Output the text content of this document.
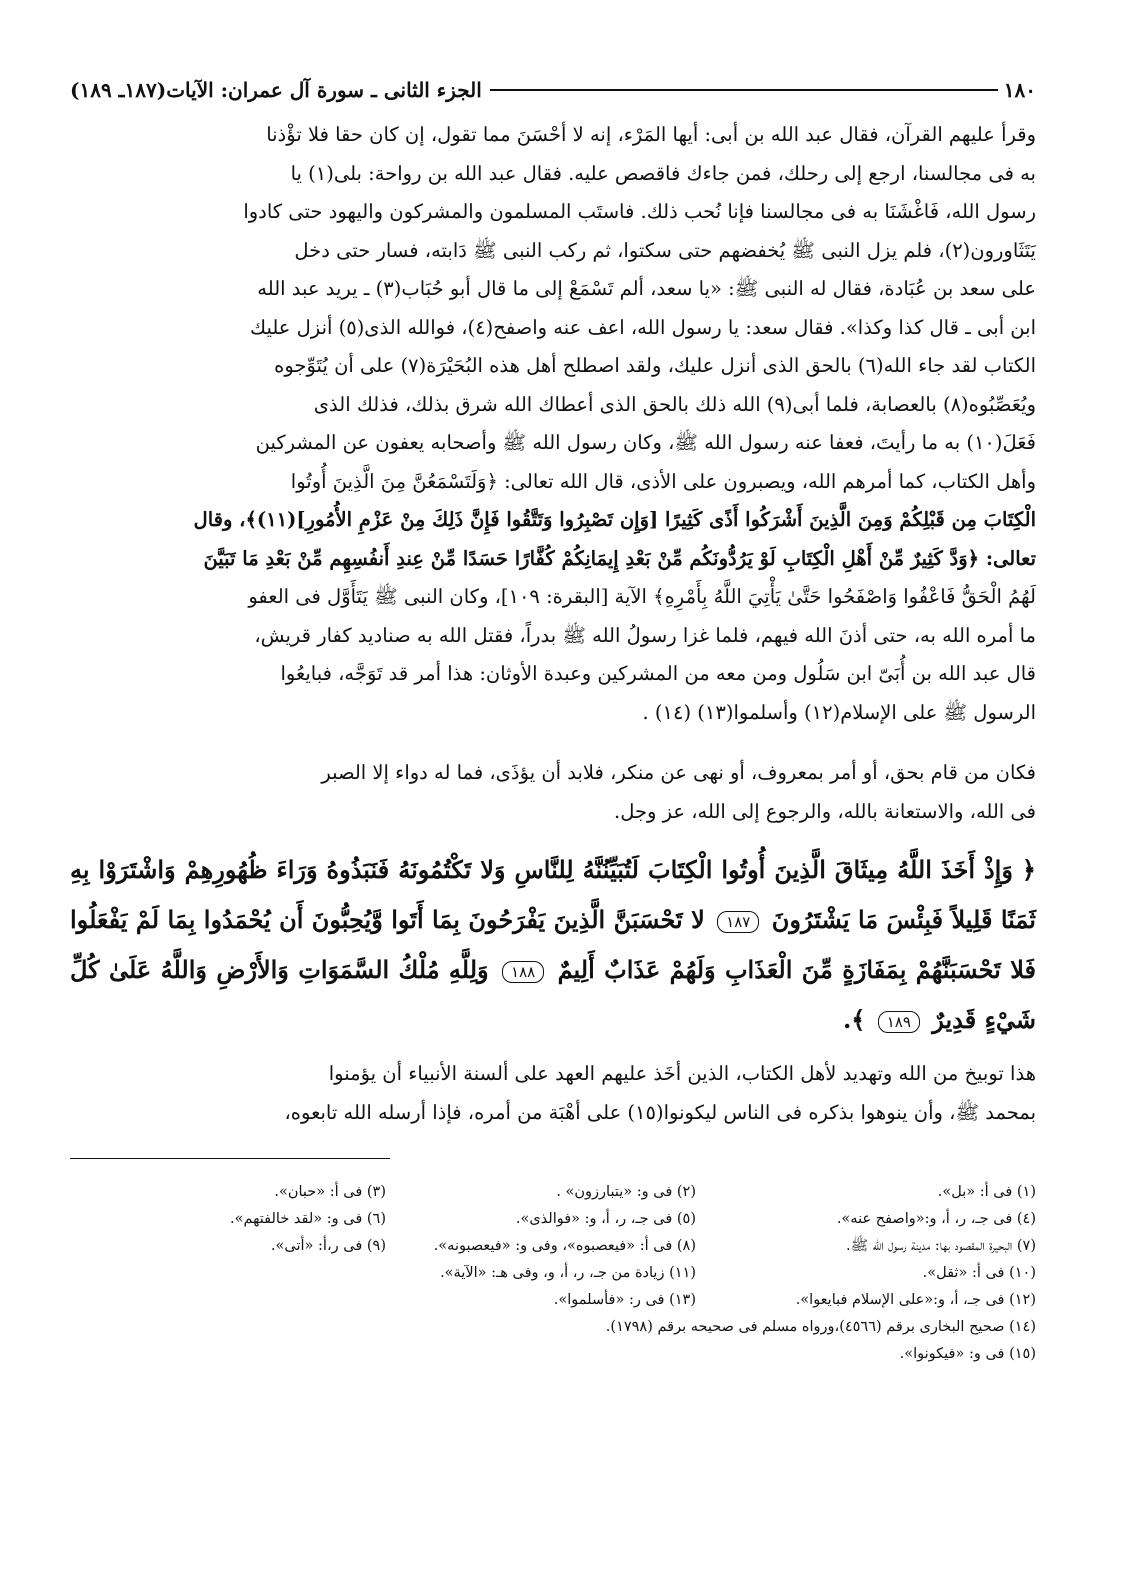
١٨٠
الجزء الثانى ـ سورة آل عمران: الآيات(١٨٧ـ ١٨٩)

وقرأ عليهم القرآن، فقال عبد الله بن أبى: أيها المَرْء، إنه لا أحْسَنَ مما تقول، إن كان حقا فلا تؤْذنا

به فى مجالسنا، ارجع إلى رحلك، فمن جاءك فاقصص عليه. فقال عبد الله بن رواحة: بلى(١) يا

رسول الله، فَاغْشَنَا به فى مجالسنا فإنا نُحب ذلك. فاستَب المسلمون والمشركون واليهود حتى كادوا

يَتَثَاورون(٢)، فلم يزل النبى ﷺ يُخفضهم حتى سكتوا، ثم ركب النبى ﷺ دَابته، فسار حتى دخل

على سعد بن عُبَادة، فقال له النبى ﷺ: «يا سعد، ألم تَسْمَعْ إلى ما قال أبو حُبَاب(٣) ـ يريد عبد الله

ابن أبى ـ قال كذا وكذا». فقال سعد: يا رسول الله، اعف عنه واصفح(٤)، فوالله الذى(٥) أنزل عليك

الكتاب لقد جاء الله(٦) بالحق الذى أنزل عليك، ولقد اصطلح أهل هذه البُحَيْرَة(٧) على أن يُتَوِّجوه

ويُعَصِّبُوه(٨) بالعصابة، فلما أبى(٩) الله ذلك بالحق الذى أعطاك الله شرق بذلك، فذلك الذى

فَعَلَ(١٠) به ما رأيتَ، فعفا عنه رسول الله ﷺ، وكان رسول الله ﷺ وأصحابه يعفون عن المشركين

وأهل الكتاب، كما أمرهم الله، ويصبرون على الأذى، قال الله تعالى: ﴿وَلَتَسْمَعُنَّ مِنَ الَّذِينَ أُوتُوا

الْكِتَابَ مِن قَبْلِكُمْ وَمِنَ الَّذِينَ أَشْرَكُوا أَذًى كَثِيرًا [وَإِن تَصْبِرُوا وَتَتَّقُوا فَإِنَّ ذَلِكَ مِنْ عَزْمِ الأُمُورِ](١١)﴾، وقال

تعالى: ﴿وَدَّ كَثِيرٌ مِّنْ أَهْلِ الْكِتَابِ لَوْ يَرُدُّونَكُم مِّنْ بَعْدِ إِيمَانِكُمْ كُفَّارًا حَسَدًا مِّنْ عِندِ أَنفُسِهِم مِّنْ بَعْدِ مَا تَبَيَّنَ

لَهُمُ الْحَقُّ فَاعْفُوا وَاصْفَحُوا حَتَّىٰ يَأْتِيَ اللَّهُ بِأَمْرِهِ﴾ الآية [البقرة: ١٠٩]، وكان النبى ﷺ يَتَأَوَّل فى العفو

ما أمره الله به، حتى أذنَ الله فيهم، فلما غزا رسولُ الله ﷺ بدراً، فقتل الله به صناديد كفار قريش،

قال عبد الله بن أُبَىّ ابن سَلُول ومن معه من المشركين وعبدة الأوثان: هذا أمر قد تَوَجَّه، فبايعُوا

الرسول ﷺ على الإسلام(١٢) وأسلموا(١٣) (١٤) .

فكان من قام بحق، أو أمر بمعروف، أو نهى عن منكر، فلابد أن يؤذَى، فما له دواء إلا الصبر

فى الله، والاستعانة بالله، والرجوع إلى الله، عز وجل.

﴿ وَإِذْ أَخَذَ اللَّهُ مِيثَاقَ الَّذِينَ أُوتُوا الْكِتَابَ لَتُبَيِّنُنَّهُ لِلنَّاسِ وَلا تَكْتُمُونَهُ فَنَبَذُوهُ وَرَاءَ ظُهُورِهِمْ وَاشْتَرَوْا بِهِ ثَمَنًا قَلِيلاً فَبِئْسَ مَا يَشْتَرُونَ ١٨٧ لا تَحْسَبَنَّ الَّذِينَ يَفْرَحُونَ بِمَا أَتَوا وَّيُحِبُّونَ أَن يُحْمَدُوا بِمَا لَمْ يَفْعَلُوا فَلا تَحْسَبَنَّهُمْ بِمَفَازَةٍ مِّنَ الْعَذَابِ وَلَهُمْ عَذَابٌ أَلِيمٌ ١٨٨ وَلِلَّهِ مُلْكُ السَّمَوَاتِ وَالأَرْضِ وَاللَّهُ عَلَىٰ كُلِّ شَيْءٍ قَدِيرٌ ١٨٩ ﴾.

هذا توبيخ من الله وتهديد لأهل الكتاب، الذين أخَذ عليهم العهد على ألسنة الأنبياء أن يؤمنوا

بمحمد ﷺ، وأن ينوهوا بذكره فى الناس ليكونوا(١٥) على أهْبَة من أمره، فإذا أرسله الله تابعوه،

(١) فى أ: «بل».
(٢) فى و: «يتبارزون» .
(٣) فى أ: «حبان».
(٤) فى جـ، ر، أ، و:«واصفح عنه».
(٥) فى جـ، ر، أ، و: «فوالذى».
(٦) فى و: «لقد خالفتهم».
(٧) البحيرة المقصود بها: مدينة رسول الله ﷺ.
(٨) فى أ: «فيعصبوه»، وفى و: «فيعصبونه».
(٩) فى ر،أ: «أتى».
(١٠) فى أ: «ثقل».
(١١) زيادة من جـ، ر، أ، و، وفى هـ: «الآية».
(١٢) فى جـ، أ، و:«على الإسلام فبايعوا».
(١٣) فى ر: «فأسلموا».
(١٤) صحيح البخارى برقم (٤٥٦٦)،ورواه مسلم فى صحيحه برقم (١٧٩٨).
(١٥) فى و: «فيكونوا».
